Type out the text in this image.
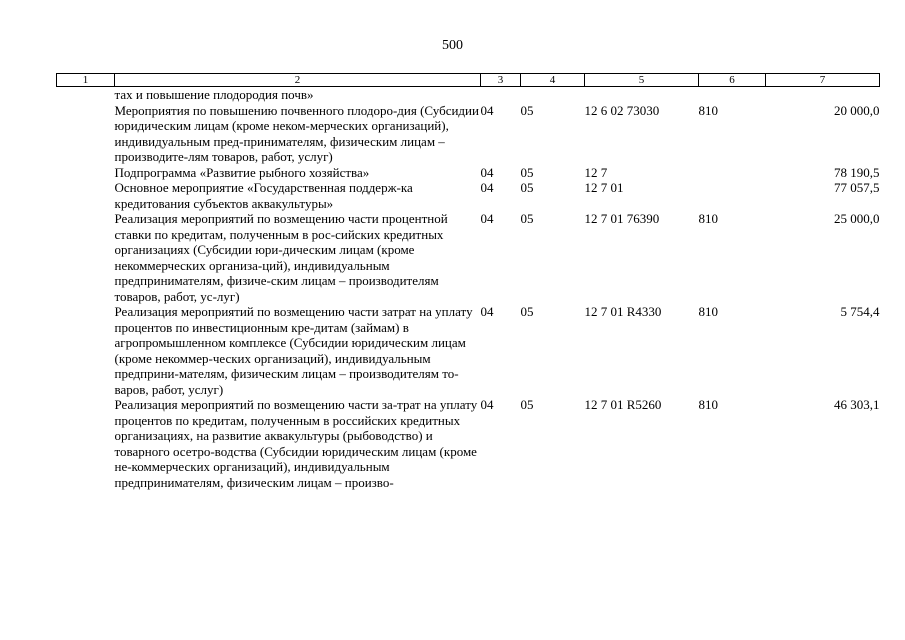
500
1	2	3	4	5	6	7
	тах и повышение плодородия почв»					
	Мероприятия по повышению почвенного плодоро-дия (Субсидии юридическим лицам (кроме неком-мерческих организаций), индивидуальным пред-принимателям, физическим лицам – производите-лям товаров, работ, услуг)	04	05	12 6 02 73030	810	20 000,0
	Подпрограмма «Развитие рыбного хозяйства»	04	05	12 7		78 190,5
	Основное мероприятие «Государственная поддерж-ка кредитования субъектов аквакультуры»	04	05	12 7 01		77 057,5
	Реализация мероприятий по возмещению части процентной ставки по кредитам, полученным в рос-сийских кредитных организациях (Субсидии юри-дическим лицам (кроме некоммерческих организа-ций), индивидуальным предпринимателям, физиче-ским лицам – производителям товаров, работ, ус-луг)	04	05	12 7 01 76390	810	25 000,0
	Реализация мероприятий по возмещению части затрат на уплату процентов по инвестиционным кре-дитам (займам) в агропромышленном комплексе (Субсидии юридическим лицам (кроме некоммер-ческих организаций), индивидуальным предприни-мателям, физическим лицам – производителям то-варов, работ, услуг)	04	05	12 7 01 R4330	810	5 754,4
	Реализация мероприятий по возмещению части за-трат на уплату процентов по кредитам, полученным в российских кредитных организациях, на развитие аквакультуры (рыбоводство) и товарного осетро-водства (Субсидии юридическим лицам (кроме не-коммерческих организаций), индивидуальным предпринимателям, физическим лицам – произво-	04	05	12 7 01 R5260	810	46 303,1
